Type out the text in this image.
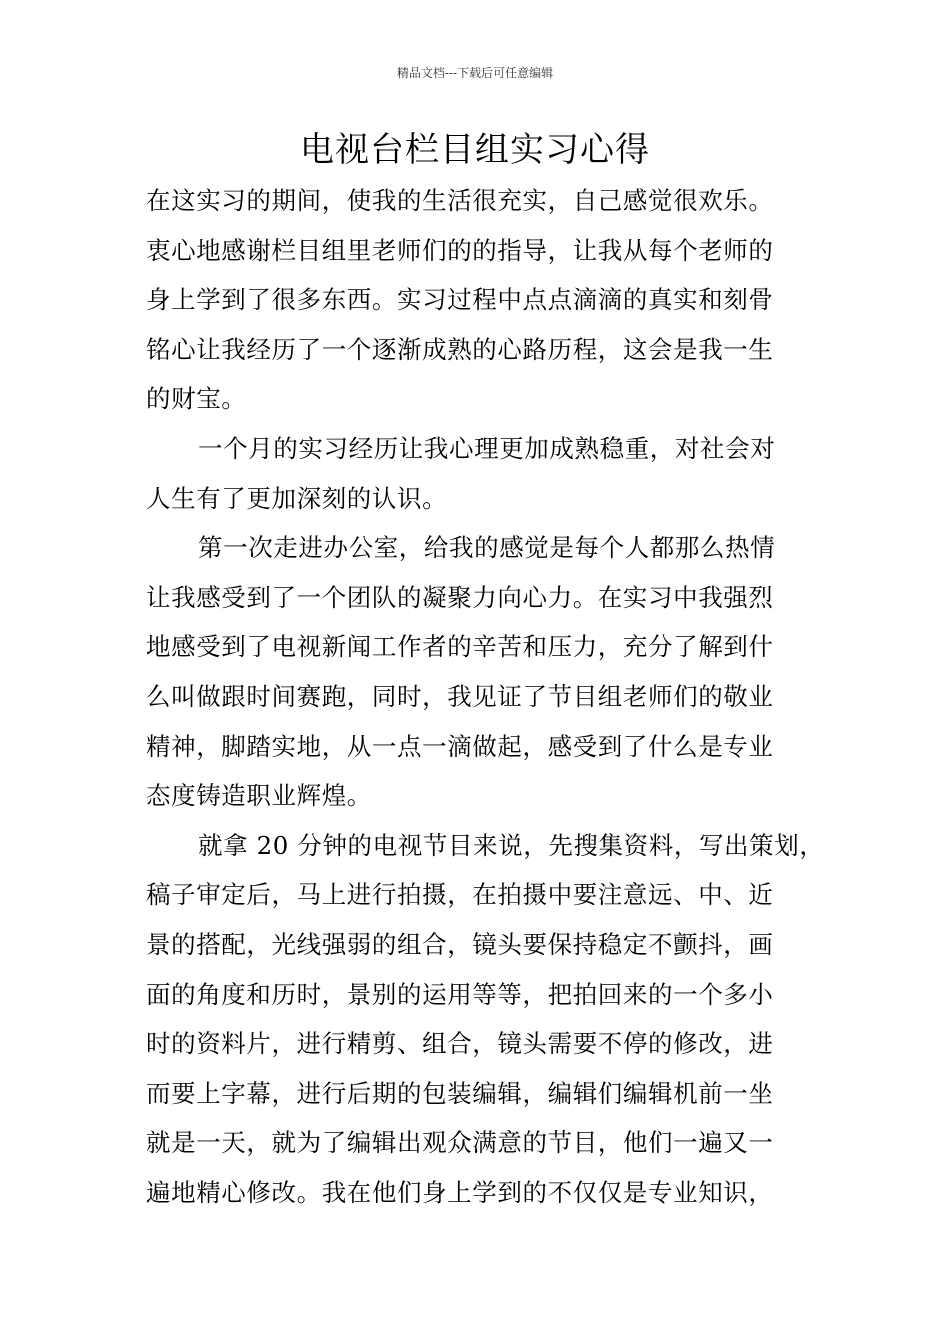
精品文档---下载后可任意编辑
电视台栏目组实习心得
在这实习的期间，使我的生活很充实，自己感觉很欢乐。
衷心地感谢栏目组里老师们的的指导，让我从每个老师的
身上学到了很多东西。实习过程中点点滴滴的真实和刻骨
铭心让我经历了一个逐渐成熟的心路历程，这会是我一生
的财宝。
一个月的实习经历让我心理更加成熟稳重，对社会对
人生有了更加深刻的认识。
第一次走进办公室，给我的感觉是每个人都那么热情
让我感受到了一个团队的凝聚力向心力。在实习中我强烈
地感受到了电视新闻工作者的辛苦和压力，充分了解到什
么叫做跟时间赛跑，同时，我见证了节目组老师们的敬业
精神，脚踏实地，从一点一滴做起，感受到了什么是专业
态度铸造职业辉煌。
就拿 20 分钟的电视节目来说，先搜集资料，写出策划，
稿子审定后，马上进行拍摄，在拍摄中要注意远、中、近
景的搭配，光线强弱的组合，镜头要保持稳定不颤抖，画
面的角度和历时，景别的运用等等，把拍回来的一个多小
时的资料片，进行精剪、组合，镜头需要不停的修改，进
而要上字幕，进行后期的包装编辑，编辑们编辑机前一坐
就是一天，就为了编辑出观众满意的节目，他们一遍又一
遍地精心修改。我在他们身上学到的不仅仅是专业知识，
